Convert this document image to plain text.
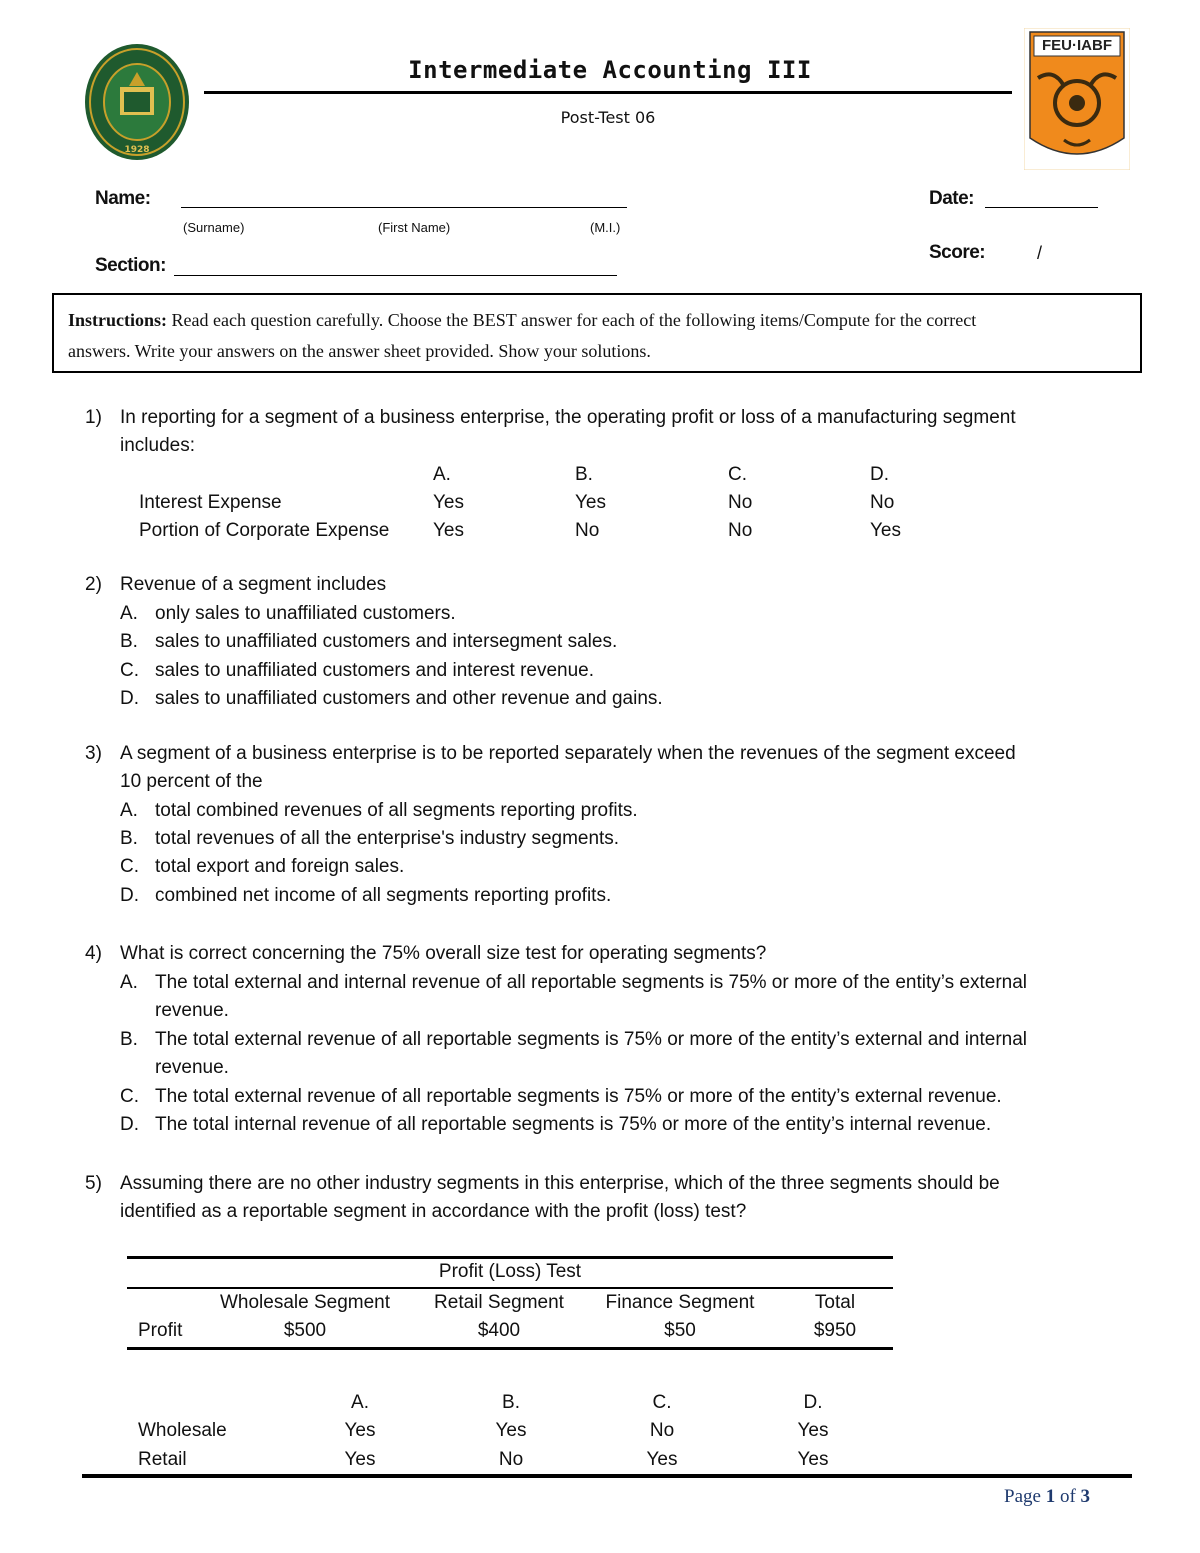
1928
Intermediate Accounting III
Post-Test 06
FEU·IABF
Name:
(Surname)	(First Name)	(M.I.)
Section:
Date:
Score:	/
Instructions: Read each question carefully. Choose the BEST answer for each of the following items/Compute for the correct
answers. Write your answers on the answer sheet provided. Show your solutions.
1) In reporting for a segment of a business enterprise, the operating profit or loss of a manufacturing segment
includes:
A.	B.	C.	D.
Interest Expense	Yes	Yes	No	No
Portion of Corporate Expense Yes	No	No	Yes
2) Revenue of a segment includes
A. only sales to unaffiliated customers.
B. sales to unaffiliated customers and intersegment sales.
C. sales to unaffiliated customers and interest revenue.
D. sales to unaffiliated customers and other revenue and gains.
3) A segment of a business enterprise is to be reported separately when the revenues of the segment exceed
10 percent of the
A. total combined revenues of all segments reporting profits.
B. total revenues of all the enterprise's industry segments.
C. total export and foreign sales.
D. combined net income of all segments reporting profits.
4) What is correct concerning the 75% overall size test for operating segments?
A. The total external and internal revenue of all reportable segments is 75% or more of the entity’s external
revenue.
B. The total external revenue of all reportable segments is 75% or more of the entity’s external and internal
revenue.
C. The total external revenue of all reportable segments is 75% or more of the entity’s external revenue.
D. The total internal revenue of all reportable segments is 75% or more of the entity’s internal revenue.
5) Assuming there are no other industry segments in this enterprise, which of the three segments should be
identified as a reportable segment in accordance with the profit (loss) test?
Profit (Loss) Test
Wholesale Segment	Retail Segment	Finance Segment	Total
Profit	$500	$400	$50	$950
A.	B.	C.	D.
Wholesale	Yes	Yes	No	Yes
Retail	Yes	No	Yes	Yes
Page 1 of 3
